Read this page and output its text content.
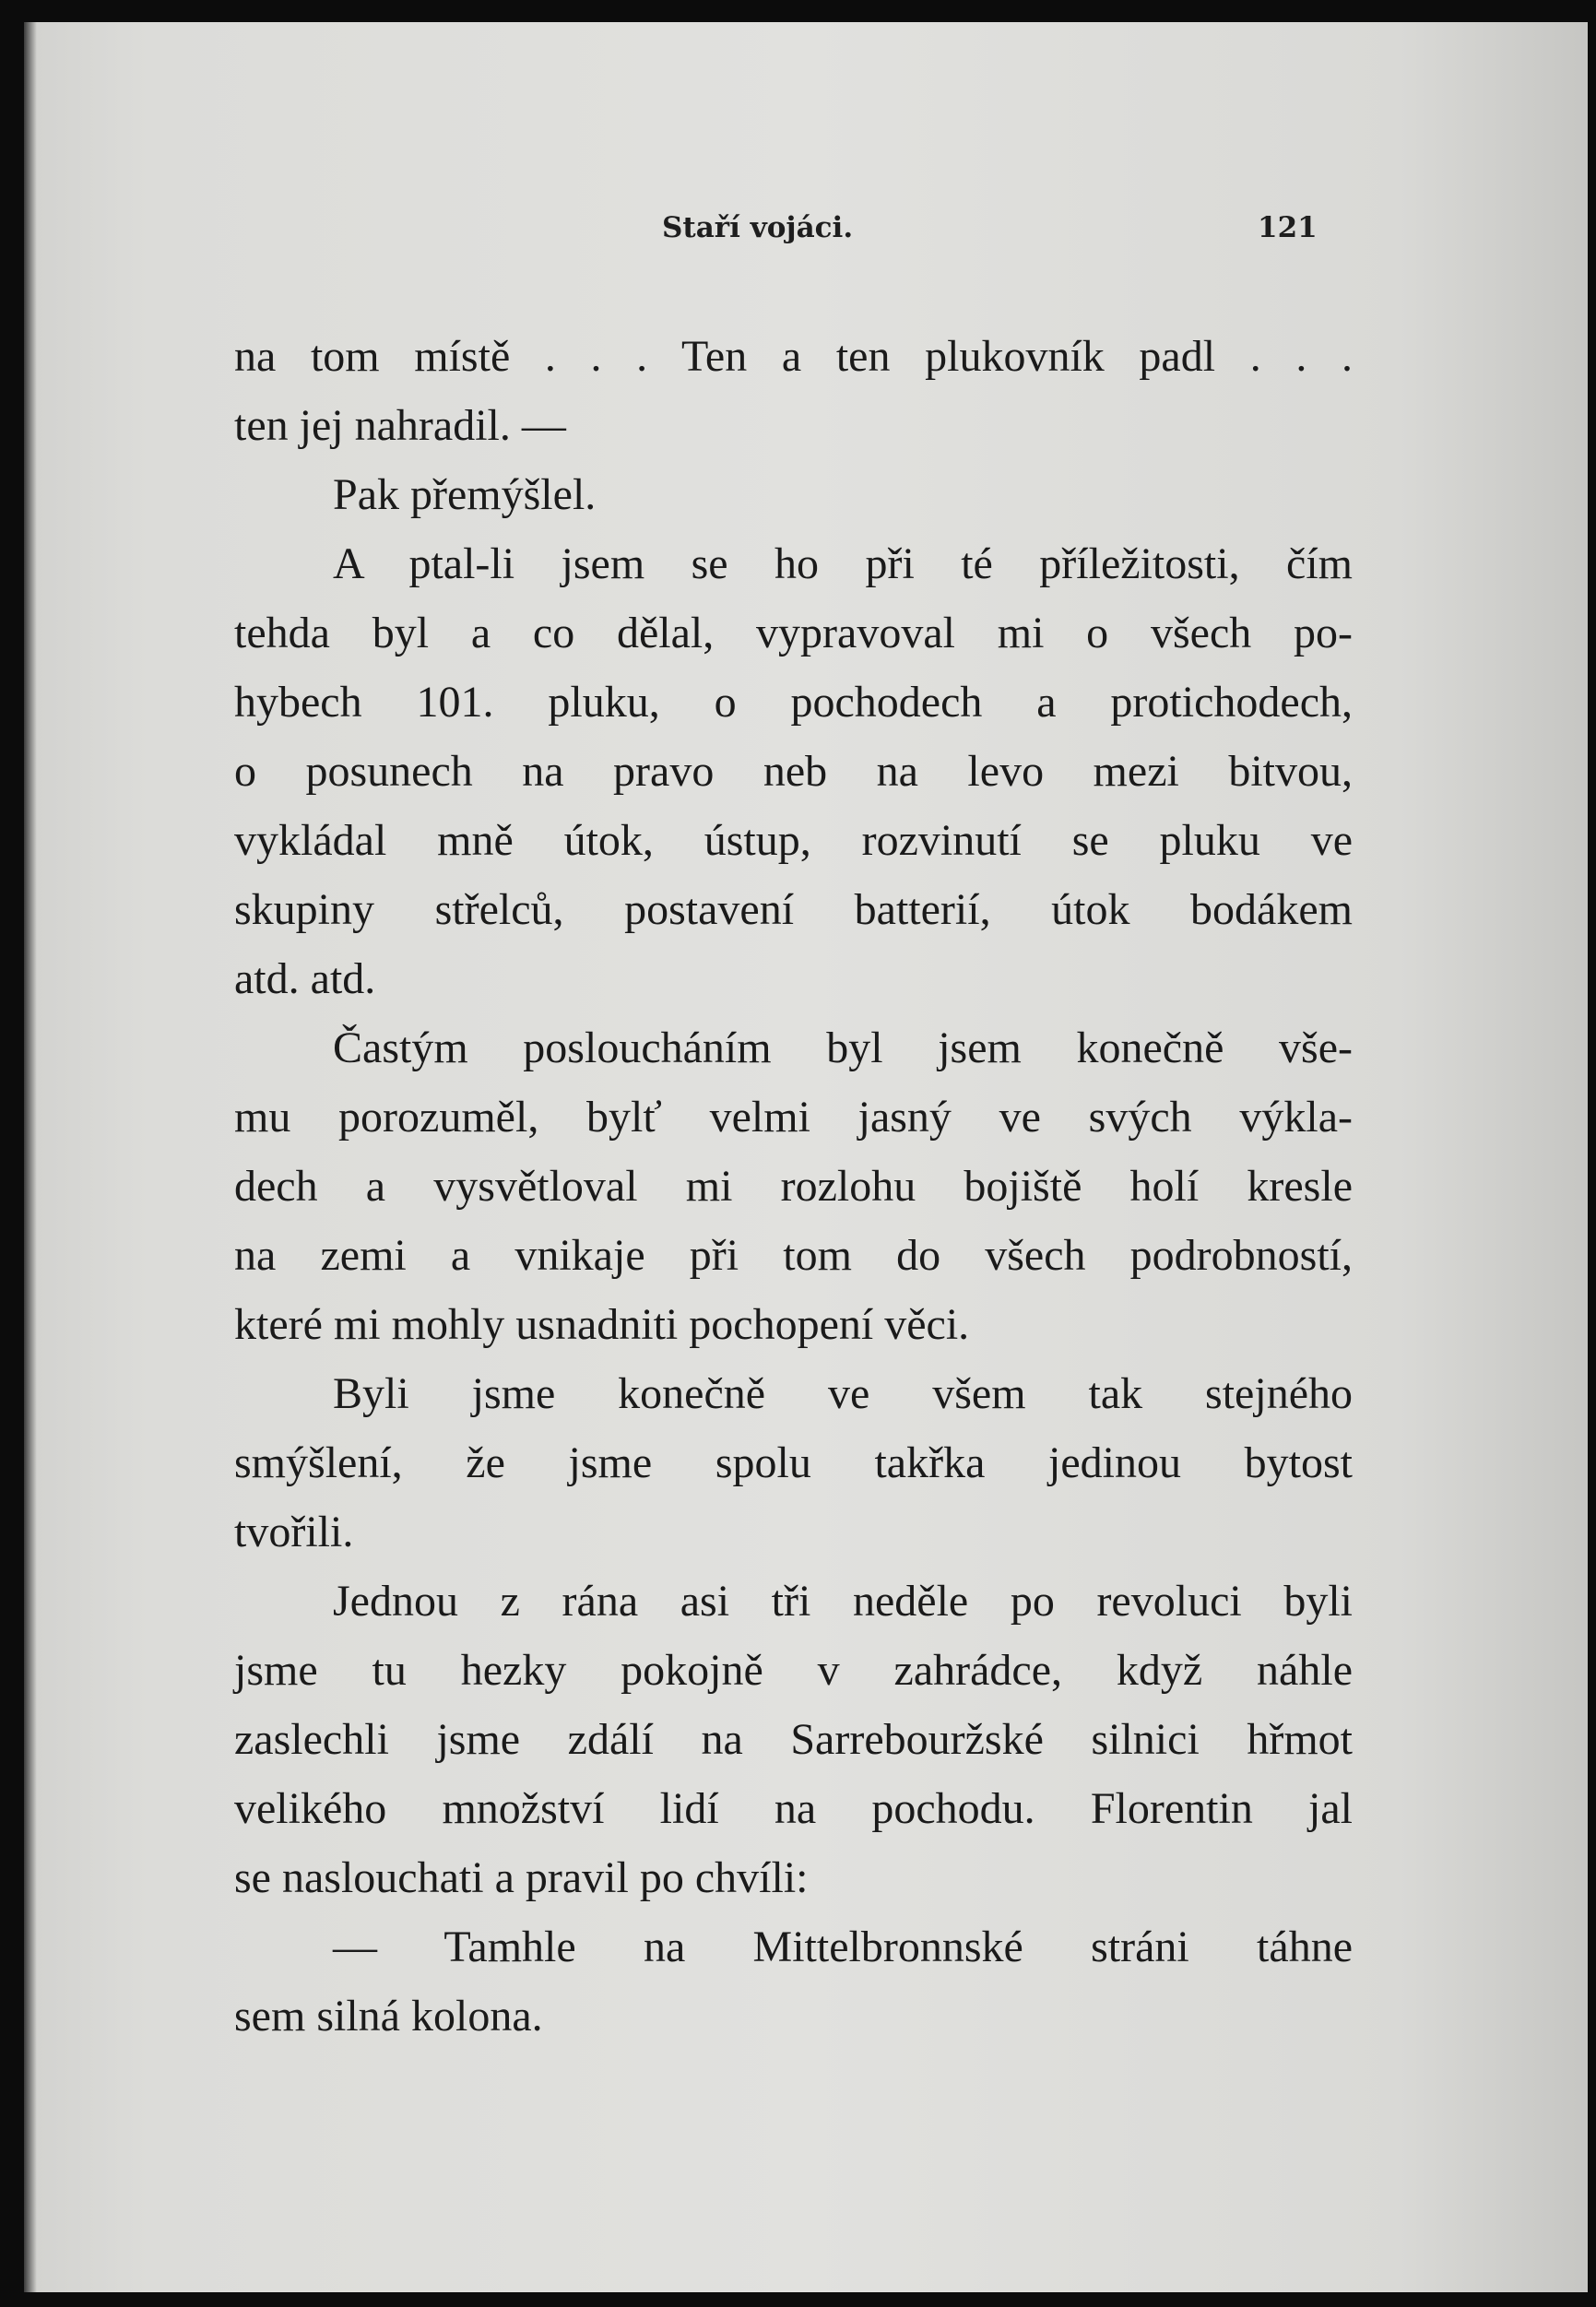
Staří vojáci.	121
na tom místě . . . Ten a ten plukovník padl . . .
ten jej nahradil. —
Pak přemýšlel.
A ptal-li jsem se ho při té příležitosti, čím
tehda byl a co dělal, vypravoval mi o všech po-
hybech 101. pluku, o pochodech a protichodech,
o posunech na pravo neb na levo mezi bitvou,
vykládal mně útok, ústup, rozvinutí se pluku ve
skupiny střelců, postavení batterií, útok bodákem
atd. atd.
Častým posloucháním byl jsem konečně vše-
mu porozuměl, bylť velmi jasný ve svých výkla-
dech a vysvětloval mi rozlohu bojiště holí kresle
na zemi a vnikaje při tom do všech podrobností,
které mi mohly usnadniti pochopení věci.
Byli jsme konečně ve všem tak stejného
smýšlení, že jsme spolu takřka jedinou bytost
tvořili.
Jednou z rána asi tři neděle po revoluci byli
jsme tu hezky pokojně v zahrádce, když náhle
zaslechli jsme zdálí na Sarrebouržské silnici hřmot
velikého množství lidí na pochodu. Florentin jal
se naslouchati a pravil po chvíli:
— Tamhle na Mittelbronnské stráni táhne
sem silná kolona.
